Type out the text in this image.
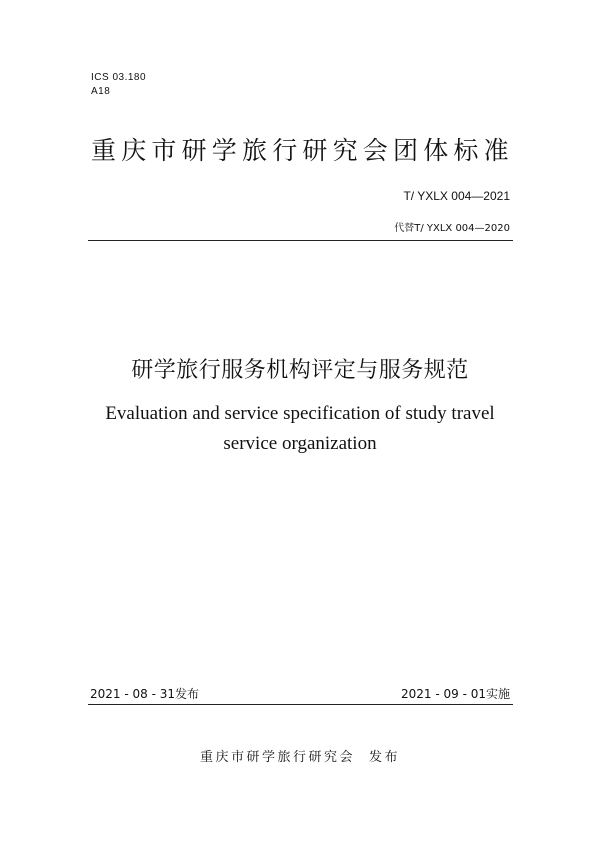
ICS 03.180
A18
重庆市研学旅行研究会团体标准
T/ YXLX 004—2021
代替T/ YXLX 004—2020
研学旅行服务机构评定与服务规范
Evaluation and service specification of study travel
service organization
2021 - 08 - 31发布	2021 - 09 - 01实施
重庆市研学旅行研究会 发布
